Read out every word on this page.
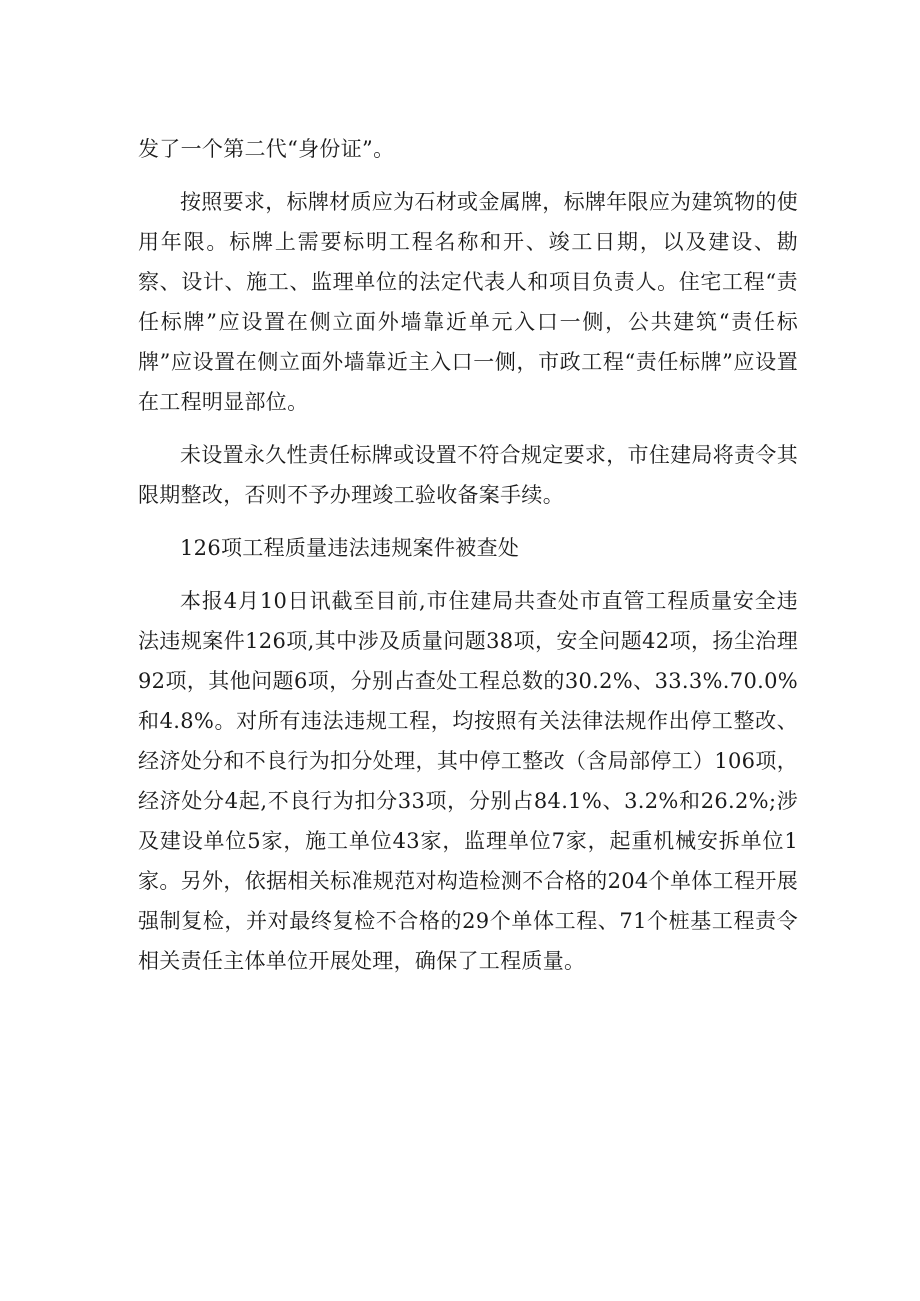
发了一个第二代“身份证”。

按照要求，标牌材质应为石材或金属牌，标牌年限应为建筑物的使用年限。标牌上需要标明工程名称和开、竣工日期，以及建设、勘察、设计、施工、监理单位的法定代表人和项目负责人。住宅工程“责任标牌”应设置在侧立面外墙靠近单元入口一侧，公共建筑“责任标牌”应设置在侧立面外墙靠近主入口一侧，市政工程“责任标牌”应设置在工程明显部位。

未设置永久性责任标牌或设置不符合规定要求，市住建局将责令其限期整改，否则不予办理竣工验收备案手续。

126项工程质量违法违规案件被查处

本报4月10日讯截至目前,市住建局共查处市直管工程质量安全违法违规案件126项,其中涉及质量问题38项，安全问题42项，扬尘治理92项，其他问题6项，分别占查处工程总数的30.2%、33.3%.70.0%和4.8%。对所有违法违规工程，均按照有关法律法规作出停工整改、经济处分和不良行为扣分处理，其中停工整改（含局部停工）106项，经济处分4起,不良行为扣分33项，分别占84.1%、3.2%和26.2%;涉及建设单位5家，施工单位43家，监理单位7家，起重机械安拆单位1家。另外，依据相关标准规范对构造检测不合格的204个单体工程开展强制复检，并对最终复检不合格的29个单体工程、71个桩基工程责令相关责任主体单位开展处理，确保了工程质量。
